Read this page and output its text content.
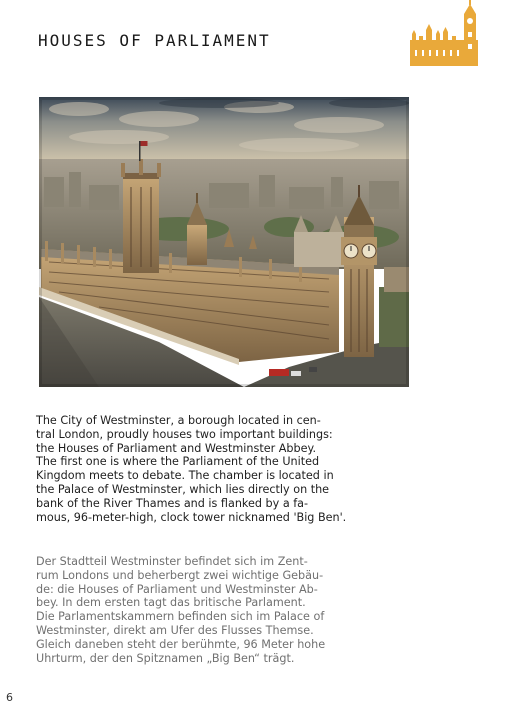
HOUSES OF PARLIAMENT

The City of Westminster, a borough located in cen-
tral London, proudly houses two important buildings:
the Houses of Parliament and Westminster Abbey.
The first one is where the Parliament of the United
Kingdom meets to debate. The chamber is located in
the Palace of Westminster, which lies directly on the
bank of the River Thames and is flanked by a fa-
mous, 96-meter-high, clock tower nicknamed 'Big Ben'.

Der Stadtteil Westminster befindet sich im Zent-
rum Londons und beherbergt zwei wichtige Gebäu-
de: die Houses of Parliament und Westminster Ab-
bey. In dem ersten tagt das britische Parlament.
Die Parlamentskammern befinden sich im Palace of
Westminster, direkt am Ufer des Flusses Themse.
Gleich daneben steht der berühmte, 96 Meter hohe
Uhrturm, der den Spitznamen „Big Ben“ trägt.

6
